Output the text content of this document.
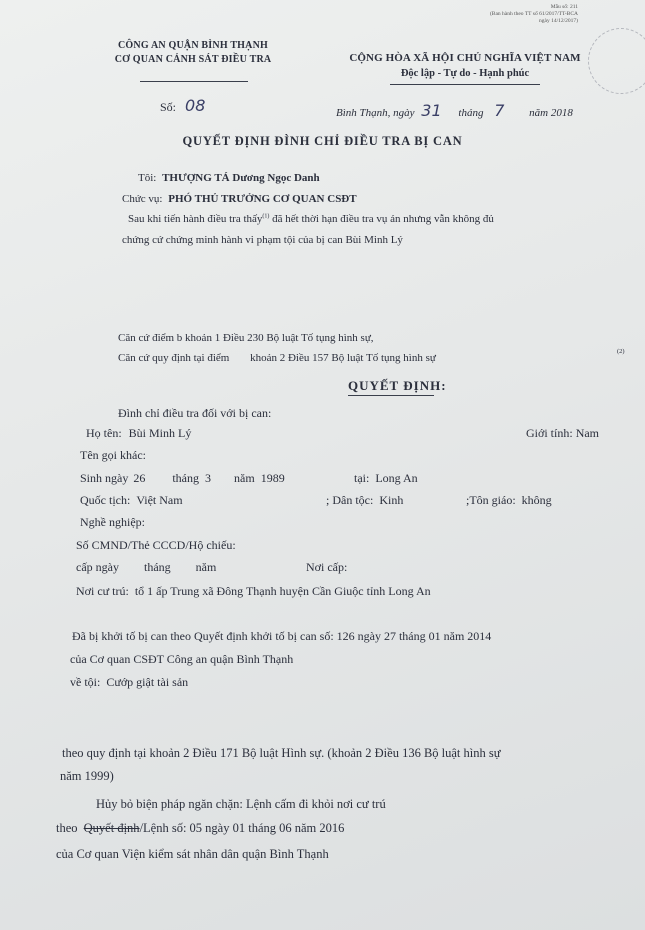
Mẫu số: 211
(Ban hành theo TT số 61/2017/TT-BCA
ngày 14/12/2017)
CÔNG AN QUẬN BÌNH THẠNH
CƠ QUAN CẢNH SÁT ĐIỀU TRA
Số: 08
CỘNG HÒA XÃ HỘI CHỦ NGHĨA VIỆT NAM
Độc lập - Tự do - Hạnh phúc
Bình Thạnh, ngày 31 tháng 7 năm 2018
QUYẾT ĐỊNH ĐÌNH CHỈ ĐIỀU TRA BỊ CAN
Tôi: THƯỢNG TÁ Dương Ngọc Danh
Chức vụ: PHÓ THỦ TRƯỞNG CƠ QUAN CSĐT
Sau khi tiến hành điều tra thấy$^{(1)}$ đã hết thời hạn điều tra vụ án nhưng vẫn không đủ
chứng cứ chứng minh hành vi phạm tội của bị can Bùi Minh Lý
Căn cứ điểm b khoản 1 Điều 230 Bộ luật Tố tụng hình sự,
Căn cứ quy định tại điểm khoản 2 Điều 157 Bộ luật Tố tụng hình sự
(2)
QUYẾT ĐỊNH:
Đình chỉ điều tra đối với bị can:
Họ tên: Bùi Minh Lý	Giới tính: Nam
Tên gọi khác:
Sinh ngày 26 tháng 3 năm 1989	tại: Long An
Quốc tịch: Việt Nam	; Dân tộc: Kinh	;Tôn giáo: không
Nghề nghiệp:
Số CMND/Thẻ CCCD/Hộ chiếu:
cấp ngày tháng năm	Nơi cấp:
Nơi cư trú: tổ 1 ấp Trung xã Đông Thạnh huyện Cần Giuộc tỉnh Long An
Đã bị khởi tố bị can theo Quyết định khởi tố bị can số: 126 ngày 27 tháng 01 năm 2014
của Cơ quan CSĐT Công an quận Bình Thạnh
về tội: Cướp giật tài sản
theo quy định tại khoản 2 Điều 171 Bộ luật Hình sự. (khoản 2 Điều 136 Bộ luật hình sự
năm 1999)
Hủy bỏ biện pháp ngăn chặn: Lệnh cấm đi khỏi nơi cư trú
theo Quyết định/Lệnh số: 05 ngày 01 tháng 06 năm 2016
của Cơ quan Viện kiểm sát nhân dân quận Bình Thạnh
